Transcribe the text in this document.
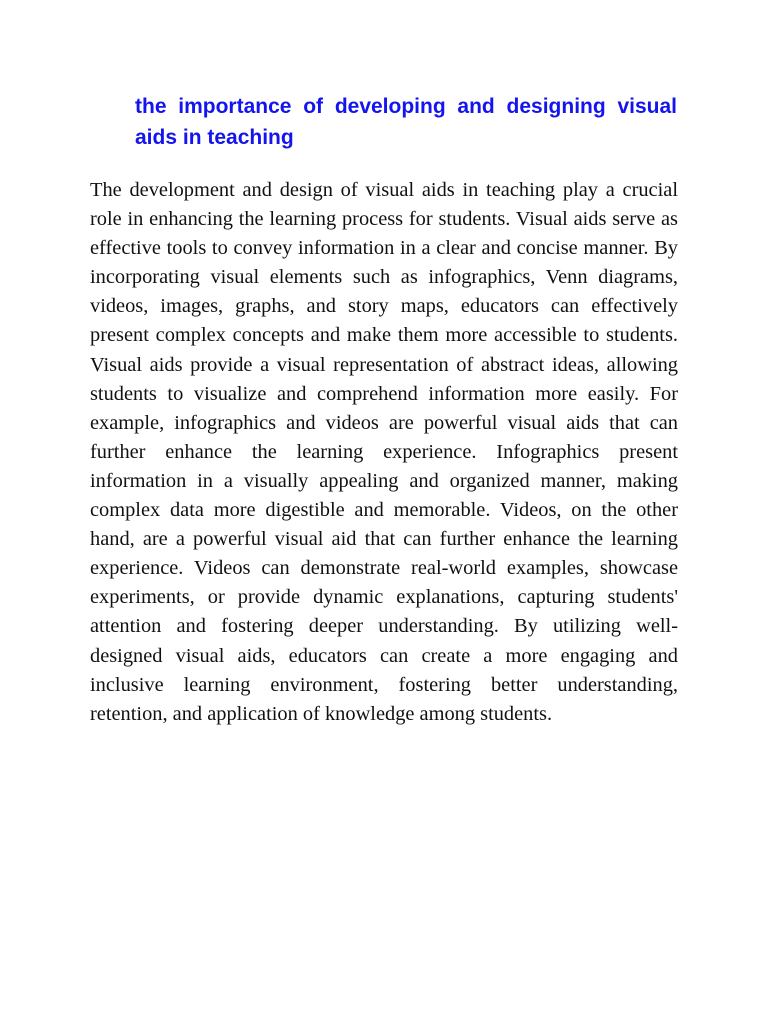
the importance of developing and designing visual aids in teaching

The development and design of visual aids in teaching play a crucial role in enhancing the learning process for students. Visual aids serve as effective tools to convey information in a clear and concise manner. By incorporating visual elements such as infographics, Venn diagrams, videos, images, graphs, and story maps, educators can effectively present complex concepts and make them more accessible to students. Visual aids provide a visual representation of abstract ideas, allowing students to visualize and comprehend information more easily. For example, infographics and videos are powerful visual aids that can further enhance the learning experience. Infographics present information in a visually appealing and organized manner, making complex data more digestible and memorable. Videos, on the other hand, are a powerful visual aid that can further enhance the learning experience. Videos can demonstrate real-world examples, showcase experiments, or provide dynamic explanations, capturing students' attention and fostering deeper understanding. By utilizing well-designed visual aids, educators can create a more engaging and inclusive learning environment, fostering better understanding, retention, and application of knowledge among students.
